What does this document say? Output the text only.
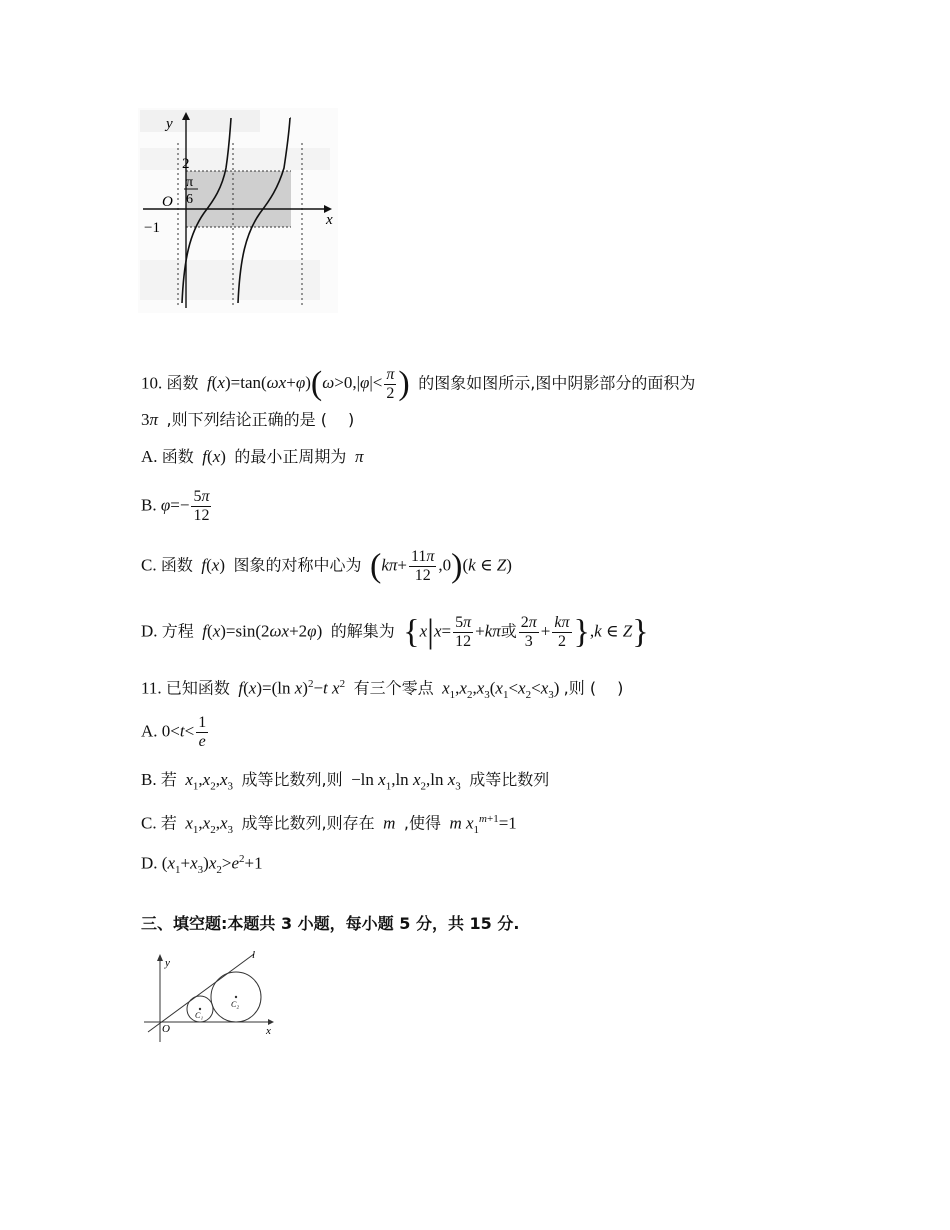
y
x
O
2
−1
π
6
10. 函数 $f(x)=\tan(\omega x+\varphi)(\omega>0,|\varphi|< \frac{\pi}{2}$ ) 的图象如图所示,图中阴影部分的面积为
3π ,则下列结论正确的是 (　 )
A. 函数 f(x)  的最小正周期为 π
B. $\varphi=- \frac{5\pi}{12}$
C. 函数 f(x)  图象的对称中心为 $(k\pi+ \frac{11\pi}{12} ,0)(k$ ∈ Z)
D. 方程 f(x)=sin(2ωx+2φ)  的解集为 {$x|x= \frac{5\pi}{12} +k\pi$或 $\frac{2\pi}{3} + \frac{k\pi}{2} \},k$ ∈ Z}
11. 已知函数 f(x)=(ln x)$^2$−t $x^2$ 有三个零点 $x_1,x_2,x_3(x_1<x_2<x_3)$ ,则 (　 )
A. $0<t< \frac{1}{e}$
B. 若 $x_1,x_2,x_3$ 成等比数列,则  −ln $x_1,\ln$ $x_2,\ln$ $x_3$ 成等比数列
C. 若 $x_1,x_2,x_3$ 成等比数列,则存在 m ,使得 m $x_1^{m+1}=1$
D. $(x_1+x_3)x_2>e^2+1$
三、填空题:本题共 3 小题，每小题 5 分，共 15 分.
y
x
O
l
C₁
C₂
